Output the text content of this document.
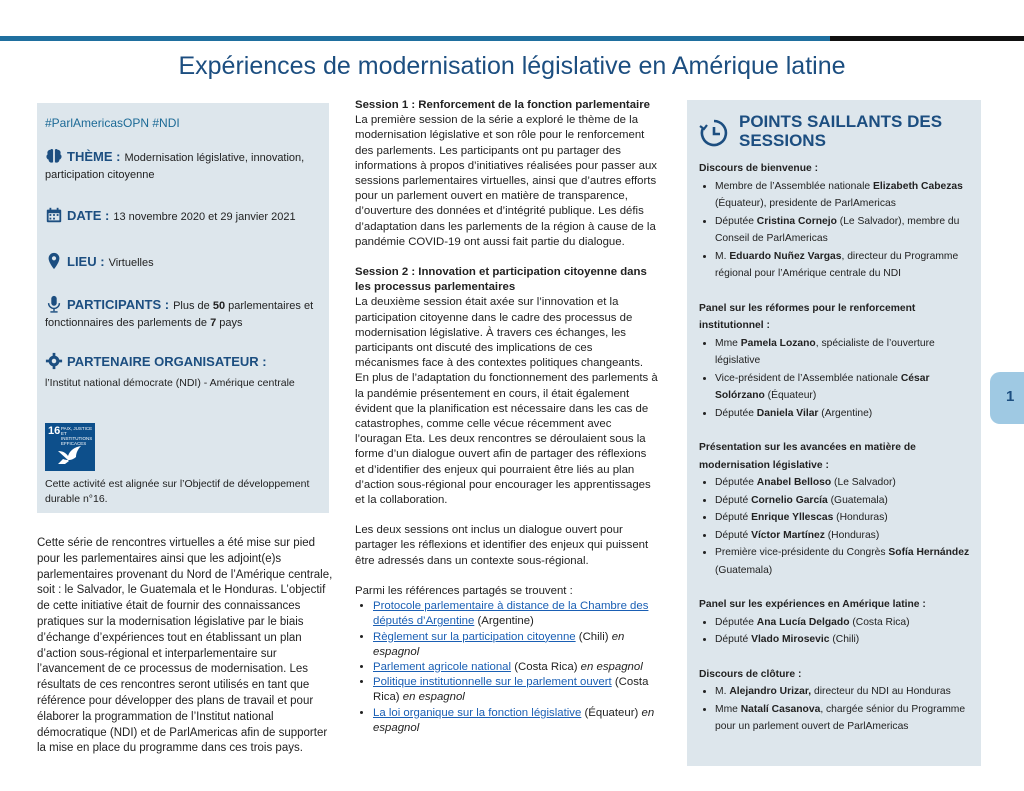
Expériences de modernisation législative en Amérique latine
#ParlAmericasOPN #NDI
THÈME : Modernisation législative, innovation, participation citoyenne
DATE : 13 novembre 2020 et 29 janvier 2021
LIEU : Virtuelles
PARTICIPANTS : Plus de 50 parlementaires et fonctionnaires des parlements de 7 pays
PARTENAIRE ORGANISATEUR :
l’Institut national démocrate (NDI) - Amérique centrale
16 PAIX, JUSTICE ET INSTITUTIONS EFFICACES
Cette activité est alignée sur l’Objectif de développement durable n°16.
Cette série de rencontres virtuelles a été mise sur pied pour les parlementaires ainsi que les adjoint(e)s parlementaires provenant du Nord de l’Amérique centrale, soit : le Salvador, le Guatemala et le Honduras. L’objectif de cette initiative était de fournir des connaissances pratiques sur la modernisation législative par le biais d’échange d’expériences tout en établissant un plan d’action sous-régional et interparlementaire sur l’avancement de ce processus de modernisation. Les résultats de ces rencontres seront utilisés en tant que référence pour développer des plans de travail et pour élaborer la programmation de l’Institut national démocratique (NDI) et de ParlAmericas afin de supporter la mise en place du programme dans ces trois pays.

Session 1 : Renforcement de la fonction parlementaire

La première session de la série a exploré le thème de la modernisation législative et son rôle pour le renforcement des parlements. Les participants ont pu partager des informations à propos d’initiatives réalisées pour passer aux sessions parlementaires virtuelles, ainsi que d’autres efforts pour un parlement ouvert en matière de transparence, d’ouverture des données et d’intégrité publique. Les défis d’adaptation dans les parlements de la région à cause de la pandémie COVID-19 ont aussi fait partie du dialogue.

Session 2 : Innovation et participation citoyenne dans les processus parlementaires

La deuxième session était axée sur l’innovation et la participation citoyenne dans le cadre des processus de modernisation législative. À travers ces échanges, les participants ont discuté des implications de ces mécanismes face à des contextes politiques changeants. En plus de l’adaptation du fonctionnement des parlements à la pandémie présentement en cours, il était également évident que la planification est nécessaire dans les cas de catastrophes, comme celle vécue récemment avec l’ouragan Eta. Les deux rencontres se déroulaient sous la forme d’un dialogue ouvert afin de partager des réflexions et d’identifier des enjeux qui pourraient être liés au plan d’action sous-régional pour encourager les apprentissages et la collaboration.

Les deux sessions ont inclus un dialogue ouvert pour partager les réflexions et identifier des enjeux qui puissent être adressés dans un contexte sous-régional.

Parmi les références partagés se trouvent :

• Protocole parlementaire à distance de la Chambre des députés d’Argentine (Argentine)
• Règlement sur la participation citoyenne (Chili) en espagnol
• Parlement agricole national (Costa Rica) en espagnol
• Politique institutionnelle sur le parlement ouvert (Costa Rica) en espagnol
• La loi organique sur la fonction législative (Équateur) en espagnol
POINTS SAILLANTS DES SESSIONS
Discours de bienvenue :
• Membre de l’Assemblée nationale Elizabeth Cabezas (Équateur), presidente de ParlAmericas
• Députée Cristina Cornejo (Le Salvador), membre du Conseil de ParlAmericas
• M. Eduardo Nuñez Vargas, directeur du Programme régional pour l’Amérique centrale du NDI
Panel sur les réformes pour le renforcement institutionnel :
• Mme Pamela Lozano, spécialiste de l’ouverture législative
• Vice-président de l’Assemblée nationale César Solórzano (Équateur)
• Députée Daniela Vilar (Argentine)
Présentation sur les avancées en matière de modernisation législative :
• Députée Anabel Belloso (Le Salvador)
• Député Cornelio García (Guatemala)
• Député Enrique Yllescas (Honduras)
• Député Víctor Martínez (Honduras)
• Première vice-présidente du Congrès Sofía Hernández (Guatemala)
Panel sur les expériences en Amérique latine :
• Députée Ana Lucía Delgado (Costa Rica)
• Député Vlado Mirosevic (Chili)
Discours de clôture :
• M. Alejandro Urizar, directeur du NDI au Honduras
• Mme Natalí Casanova, chargée sénior du Programme pour un parlement ouvert de ParlAmericas
1
